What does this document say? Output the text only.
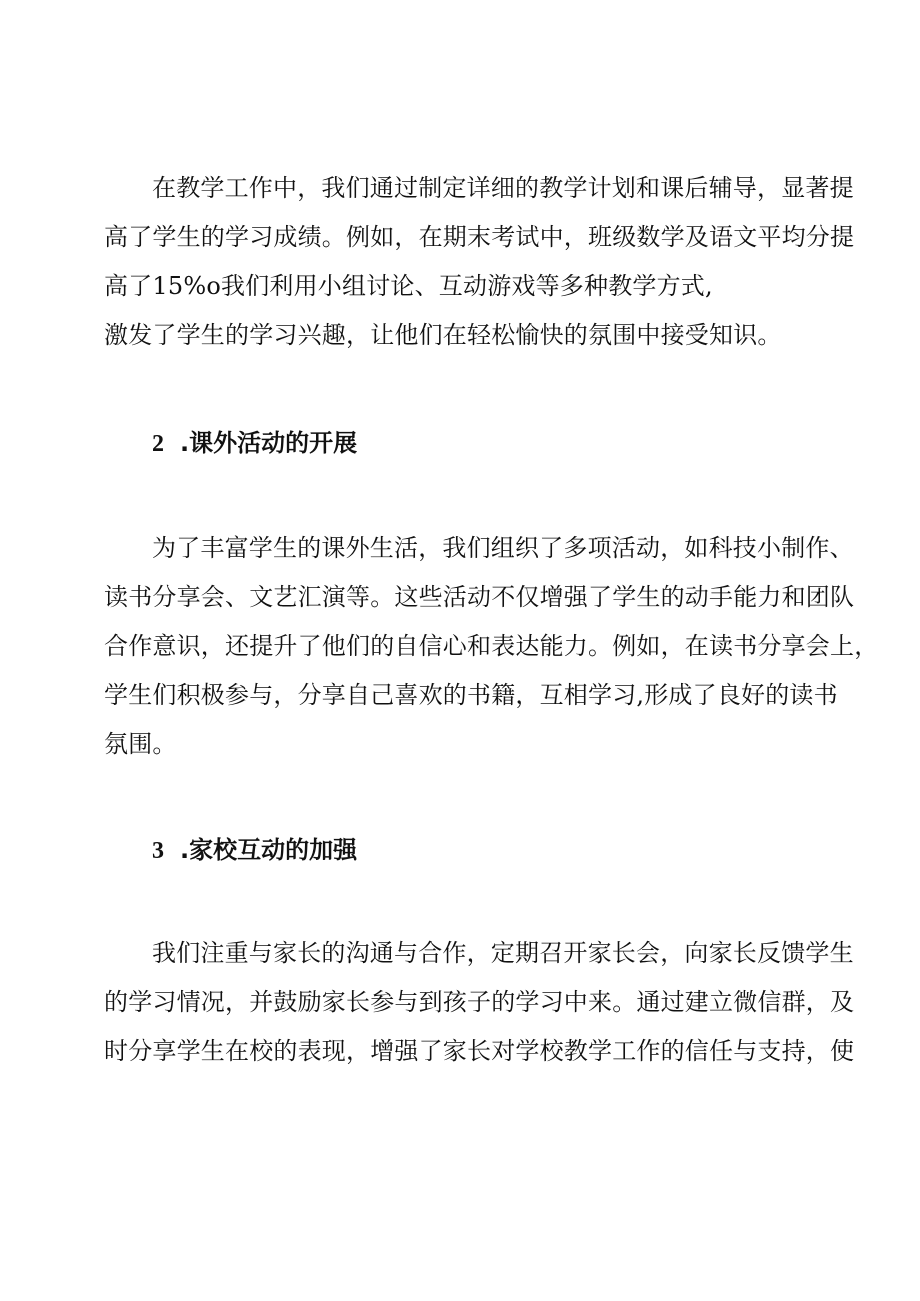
在教学工作中，我们通过制定详细的教学计划和课后辅导，显著提
高了学生的学习成绩。例如，在期末考试中，班级数学及语文平均分提
高了15%o我们利用小组讨论、互动游戏等多种教学方式,
激发了学生的学习兴趣，让他们在轻松愉快的氛围中接受知识。
2 .课外活动的开展
为了丰富学生的课外生活，我们组织了多项活动，如科技小制作、
读书分享会、文艺汇演等。这些活动不仅增强了学生的动手能力和团队
合作意识，还提升了他们的自信心和表达能力。例如，在读书分享会上，
学生们积极参与，分享自己喜欢的书籍，互相学习,形成了良好的读书
氛围。
3 .家校互动的加强
我们注重与家长的沟通与合作，定期召开家长会，向家长反馈学生
的学习情况，并鼓励家长参与到孩子的学习中来。通过建立微信群，及
时分享学生在校的表现，增强了家长对学校教学工作的信任与支持，使
